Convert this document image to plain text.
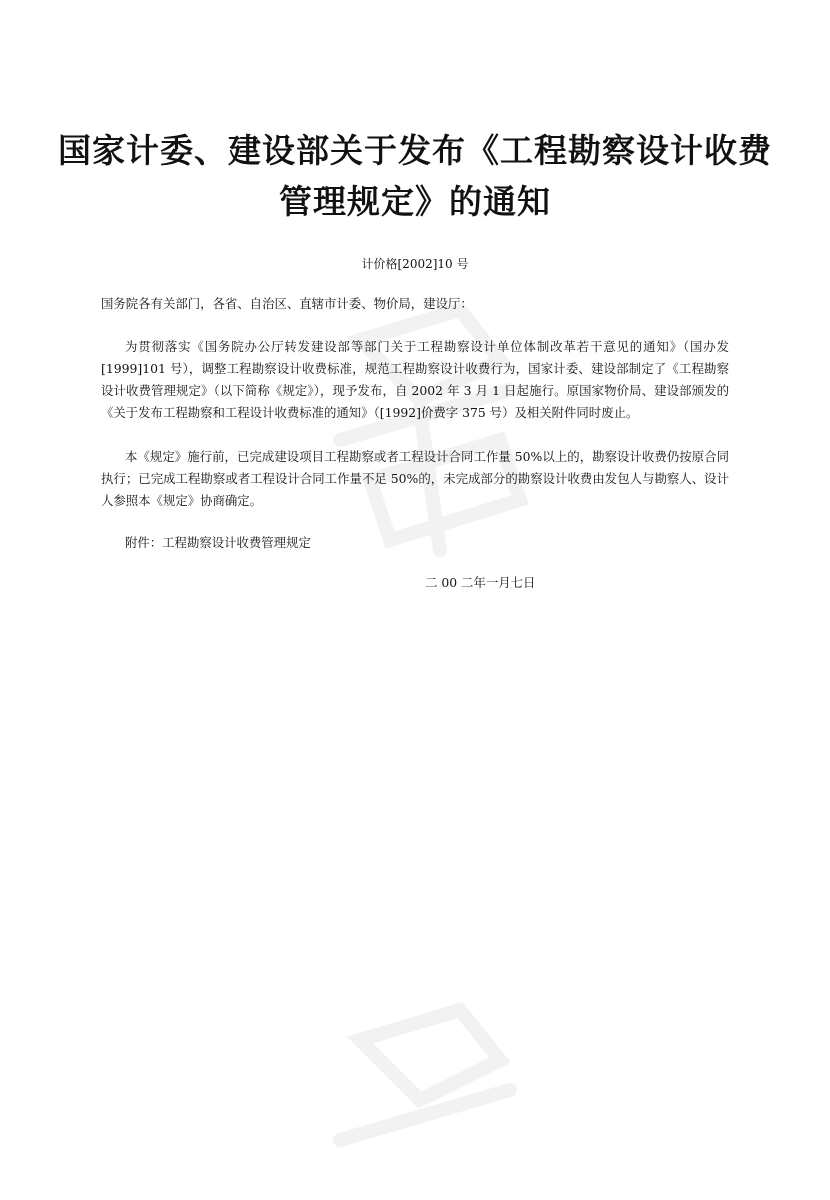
国家计委、建设部关于发布《工程勘察设计收费
管理规定》的通知
计价格[2002]10 号
国务院各有关部门，各省、自治区、直辖市计委、物价局，建设厅：
为贯彻落实《国务院办公厅转发建设部等部门关于工程勘察设计单位体制改革若干意见的通知》（国办发[1999]101 号），调整工程勘察设计收费标准，规范工程勘察设计收费行为，国家计委、建设部制定了《工程勘察设计收费管理规定》（以下简称《规定》），现予发布，自 2002 年 3 月 1 日起施行。原国家物价局、建设部颁发的《关于发布工程勘察和工程设计收费标准的通知》（[1992]价费字 375 号）及相关附件同时废止。
本《规定》施行前，已完成建设项目工程勘察或者工程设计合同工作量 50%以上的，勘察设计收费仍按原合同执行；已完成工程勘察或者工程设计合同工作量不足 50%的，未完成部分的勘察设计收费由发包人与勘察人、设计人参照本《规定》协商确定。
附件：工程勘察设计收费管理规定
二 00 二年一月七日
